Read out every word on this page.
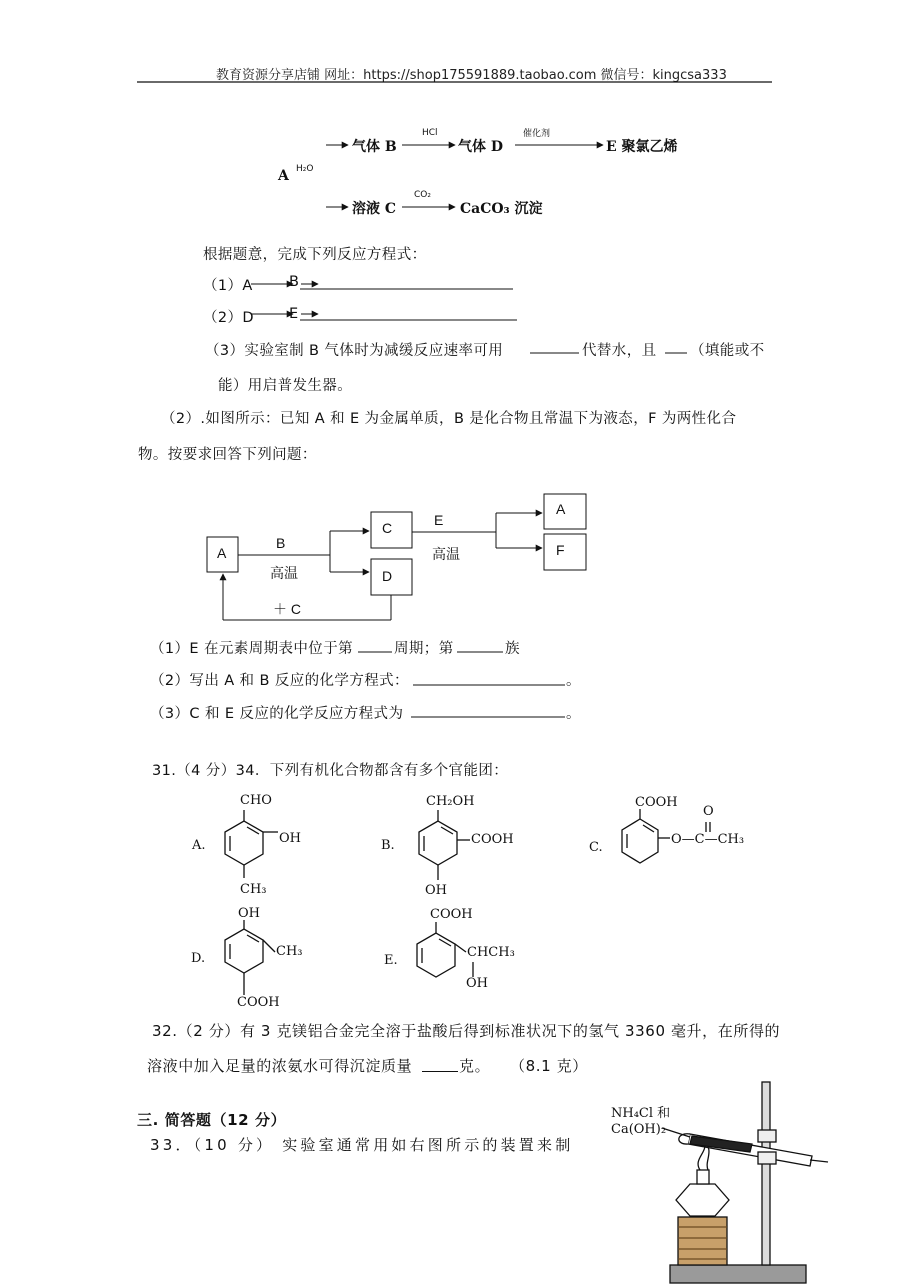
教育资源分享店铺 网址：https://shop175591889.taobao.com 微信号：kingcsa333
A H₂O
气体 B
HCl
气体 D
催化剂
E 聚氯乙烯
溶液 C
CO₂
CaCO₃ 沉淀
根据题意，完成下列反应方程式：
（1）A	B
（2）D E
（3）实验室制 B 气体时为减缓反应速率可用	代替水，且 （填能或不
能）用启普发生器。
（2）.如图所示：已知 A 和 E 为金属单质，B 是化合物且常温下为液态，F 为两性化合
物。按要求回答下列问题：
A
C
D
A
F
B
高温
E
高温
＋ C
（1）E 在元素周期表中位于第	周期；第	族
（2）写出 A 和 B 反应的化学方程式：	。
（3）C 和 E 反应的化学反应方程式为	。
31.（4 分）34．下列有机化合物都含有多个官能团：
A.
CHO
OH
CH₃
B.
CH₂OH
COOH
OH
C.
COOH
O
O—C—CH₃
D.
OH
CH₃
COOH
E.
COOH
CHCH₃
OH
32.（2 分）有 3 克镁铝合金完全溶于盐酸后得到标准状况下的氢气 3360 毫升，在所得的
溶液中加入足量的浓氨水可得沉淀质量	克。 （8.1 克）
三. 简答题（12 分）
33．（10 分） 实验室通常用如右图所示的装置来制
NH₄Cl 和
Ca(OH)₂
